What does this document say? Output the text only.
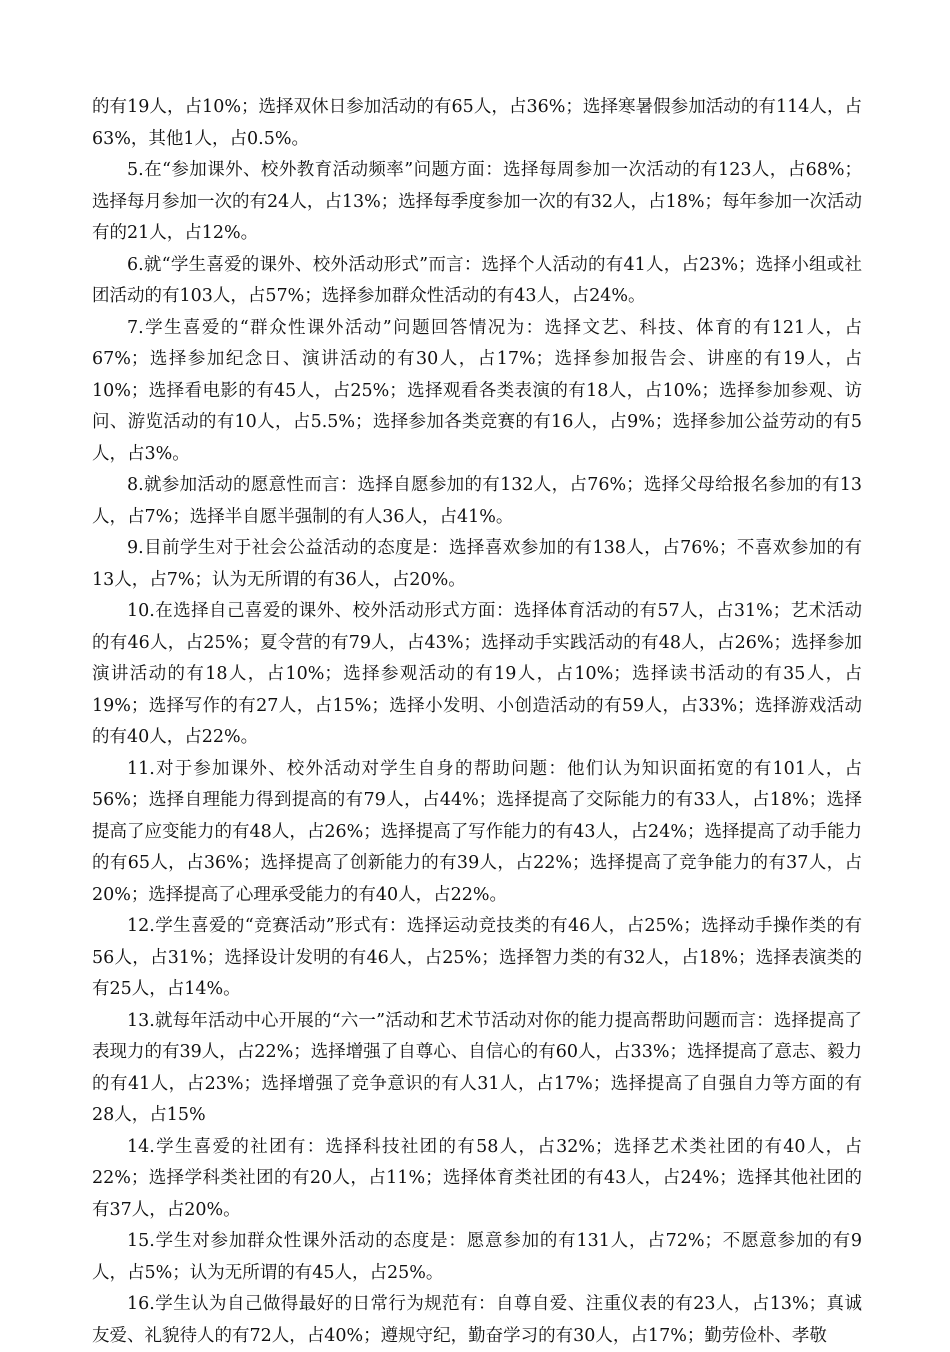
的有19人，占10%；选择双休日参加活动的有65人，占36%；选择寒暑假参加活动的有114人，占63%，其他1人，占0.5%。

5.在“参加课外、校外教育活动频率”问题方面：选择每周参加一次活动的有123人，占68%；选择每月参加一次的有24人，占13%；选择每季度参加一次的有32人，占18%；每年参加一次活动有的21人，占12%。

6.就“学生喜爱的课外、校外活动形式”而言：选择个人活动的有41人，占23%；选择小组或社团活动的有103人，占57%；选择参加群众性活动的有43人，占24%。

7.学生喜爱的“群众性课外活动”问题回答情况为：选择文艺、科技、体育的有121人，占67%；选择参加纪念日、演讲活动的有30人，占17%；选择参加报告会、讲座的有19人，占10%；选择看电影的有45人，占25%；选择观看各类表演的有18人，占10%；选择参加参观、访问、游览活动的有10人，占5.5%；选择参加各类竞赛的有16人，占9%；选择参加公益劳动的有5人，占3%。

8.就参加活动的愿意性而言：选择自愿参加的有132人，占76%；选择父母给报名参加的有13人，占7%；选择半自愿半强制的有人36人，占41%。

9.目前学生对于社会公益活动的态度是：选择喜欢参加的有138人，占76%；不喜欢参加的有13人，占7%；认为无所谓的有36人，占20%。

10.在选择自己喜爱的课外、校外活动形式方面：选择体育活动的有57人，占31%；艺术活动的有46人，占25%；夏令营的有79人，占43%；选择动手实践活动的有48人，占26%；选择参加演讲活动的有18人，占10%；选择参观活动的有19人，占10%；选择读书活动的有35人，占19%；选择写作的有27人，占15%；选择小发明、小创造活动的有59人，占33%；选择游戏活动的有40人，占22%。

11.对于参加课外、校外活动对学生自身的帮助问题：他们认为知识面拓宽的有101人，占56%；选择自理能力得到提高的有79人，占44%；选择提高了交际能力的有33人，占18%；选择提高了应变能力的有48人，占26%；选择提高了写作能力的有43人，占24%；选择提高了动手能力的有65人，占36%；选择提高了创新能力的有39人，占22%；选择提高了竞争能力的有37人，占20%；选择提高了心理承受能力的有40人，占22%。

12.学生喜爱的“竞赛活动”形式有：选择运动竞技类的有46人，占25%；选择动手操作类的有56人，占31%；选择设计发明的有46人，占25%；选择智力类的有32人，占18%；选择表演类的有25人，占14%。

13.就每年活动中心开展的“六一”活动和艺术节活动对你的能力提高帮助问题而言：选择提高了表现力的有39人，占22%；选择增强了自尊心、自信心的有60人，占33%；选择提高了意志、毅力的有41人，占23%；选择增强了竞争意识的有人31人，占17%；选择提高了自强自力等方面的有28人，占15%

14.学生喜爱的社团有：选择科技社团的有58人，占32%；选择艺术类社团的有40人，占22%；选择学科类社团的有20人，占11%；选择体育类社团的有43人，占24%；选择其他社团的有37人，占20%。

15.学生对参加群众性课外活动的态度是：愿意参加的有131人，占72%；不愿意参加的有9人，占5%；认为无所谓的有45人，占25%。

16.学生认为自己做得最好的日常行为规范有：自尊自爱、注重仪表的有23人，占13%；真诚友爱、礼貌待人的有72人，占40%；遵规守纪，勤奋学习的有30人，占17%；勤劳俭朴、孝敬
